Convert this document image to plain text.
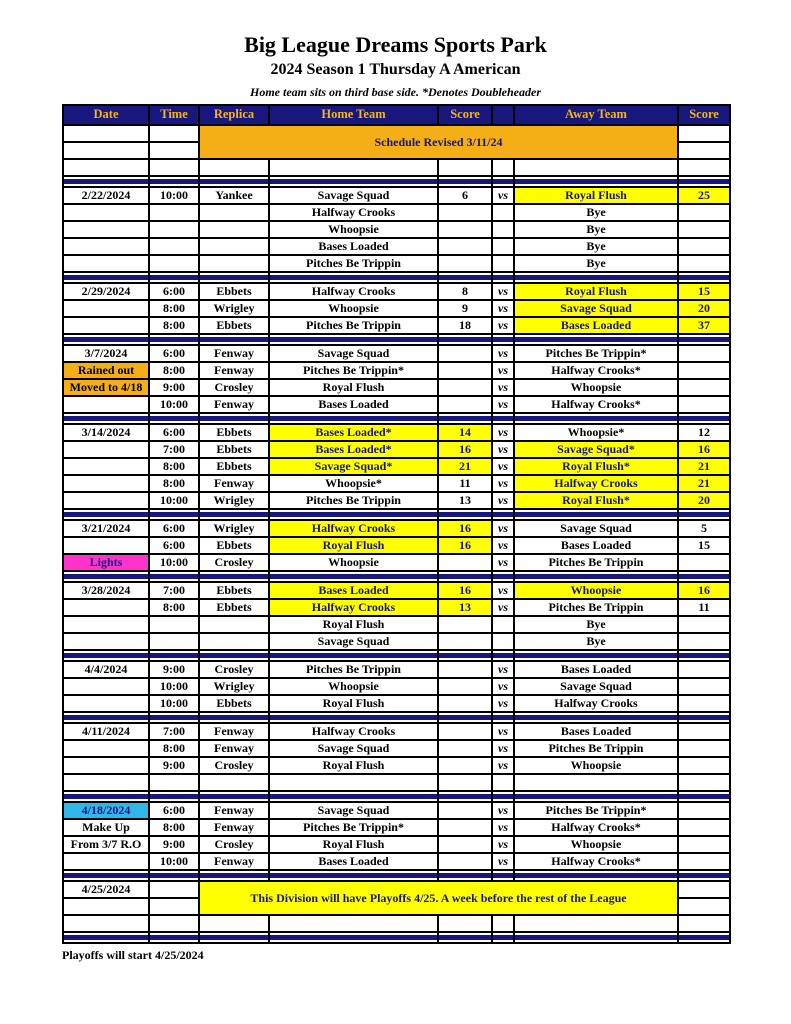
Big League Dreams Sports Park
2024 Season 1 Thursday A American
Home team sits on third base side. *Denotes Doubleheader
Date	Time	Replica	Home Team	Score		Away Team	Score
		Schedule Revised 3/11/24					

2/22/2024	10:00	Yankee	Savage Squad	6	vs	Royal Flush	25
			Halfway Crooks			Bye	
			Whoopsie			Bye	
			Bases Loaded			Bye	
			Pitches Be Trippin			Bye	

2/29/2024	6:00	Ebbets	Halfway Crooks	8	vs	Royal Flush	15
	8:00	Wrigley	Whoopsie	9	vs	Savage Squad	20
	8:00	Ebbets	Pitches Be Trippin	18	vs	Bases Loaded	37

3/7/2024	6:00	Fenway	Savage Squad		vs	Pitches Be Trippin*	
Rained out	8:00	Fenway	Pitches Be Trippin*		vs	Halfway Crooks*	
Moved to 4/18	9:00	Crosley	Royal Flush		vs	Whoopsie	
	10:00	Fenway	Bases Loaded		vs	Halfway Crooks*	

3/14/2024	6:00	Ebbets	Bases Loaded*	14	vs	Whoopsie*	12
	7:00	Ebbets	Bases Loaded*	16	vs	Savage Squad*	16
	8:00	Ebbets	Savage Squad*	21	vs	Royal Flush*	21
	8:00	Fenway	Whoopsie*	11	vs	Halfway Crooks	21
	10:00	Wrigley	Pitches Be Trippin	13	vs	Royal Flush*	20

3/21/2024	6:00	Wrigley	Halfway Crooks	16	vs	Savage Squad	5
	6:00	Ebbets	Royal Flush	16	vs	Bases Loaded	15
Lights	10:00	Crosley	Whoopsie		vs	Pitches Be Trippin	

3/28/2024	7:00	Ebbets	Bases Loaded	16	vs	Whoopsie	16
	8:00	Ebbets	Halfway Crooks	13	vs	Pitches Be Trippin	11
			Royal Flush			Bye	
			Savage Squad			Bye	

4/4/2024	9:00	Crosley	Pitches Be Trippin		vs	Bases Loaded	
	10:00	Wrigley	Whoopsie		vs	Savage Squad	
	10:00	Ebbets	Royal Flush		vs	Halfway Crooks	

4/11/2024	7:00	Fenway	Halfway Crooks		vs	Bases Loaded	
	8:00	Fenway	Savage Squad		vs	Pitches Be Trippin	
	9:00	Crosley	Royal Flush		vs	Whoopsie	

4/18/2024	6:00	Fenway	Savage Squad		vs	Pitches Be Trippin*	
Make Up	8:00	Fenway	Pitches Be Trippin*		vs	Halfway Crooks*	
From 3/7 R.O	9:00	Crosley	Royal Flush		vs	Whoopsie	
	10:00	Fenway	Bases Loaded		vs	Halfway Crooks*	

4/25/2024		This Division will have Playoffs 4/25. A week before the rest of the League					

Playoffs will start 4/25/2024
